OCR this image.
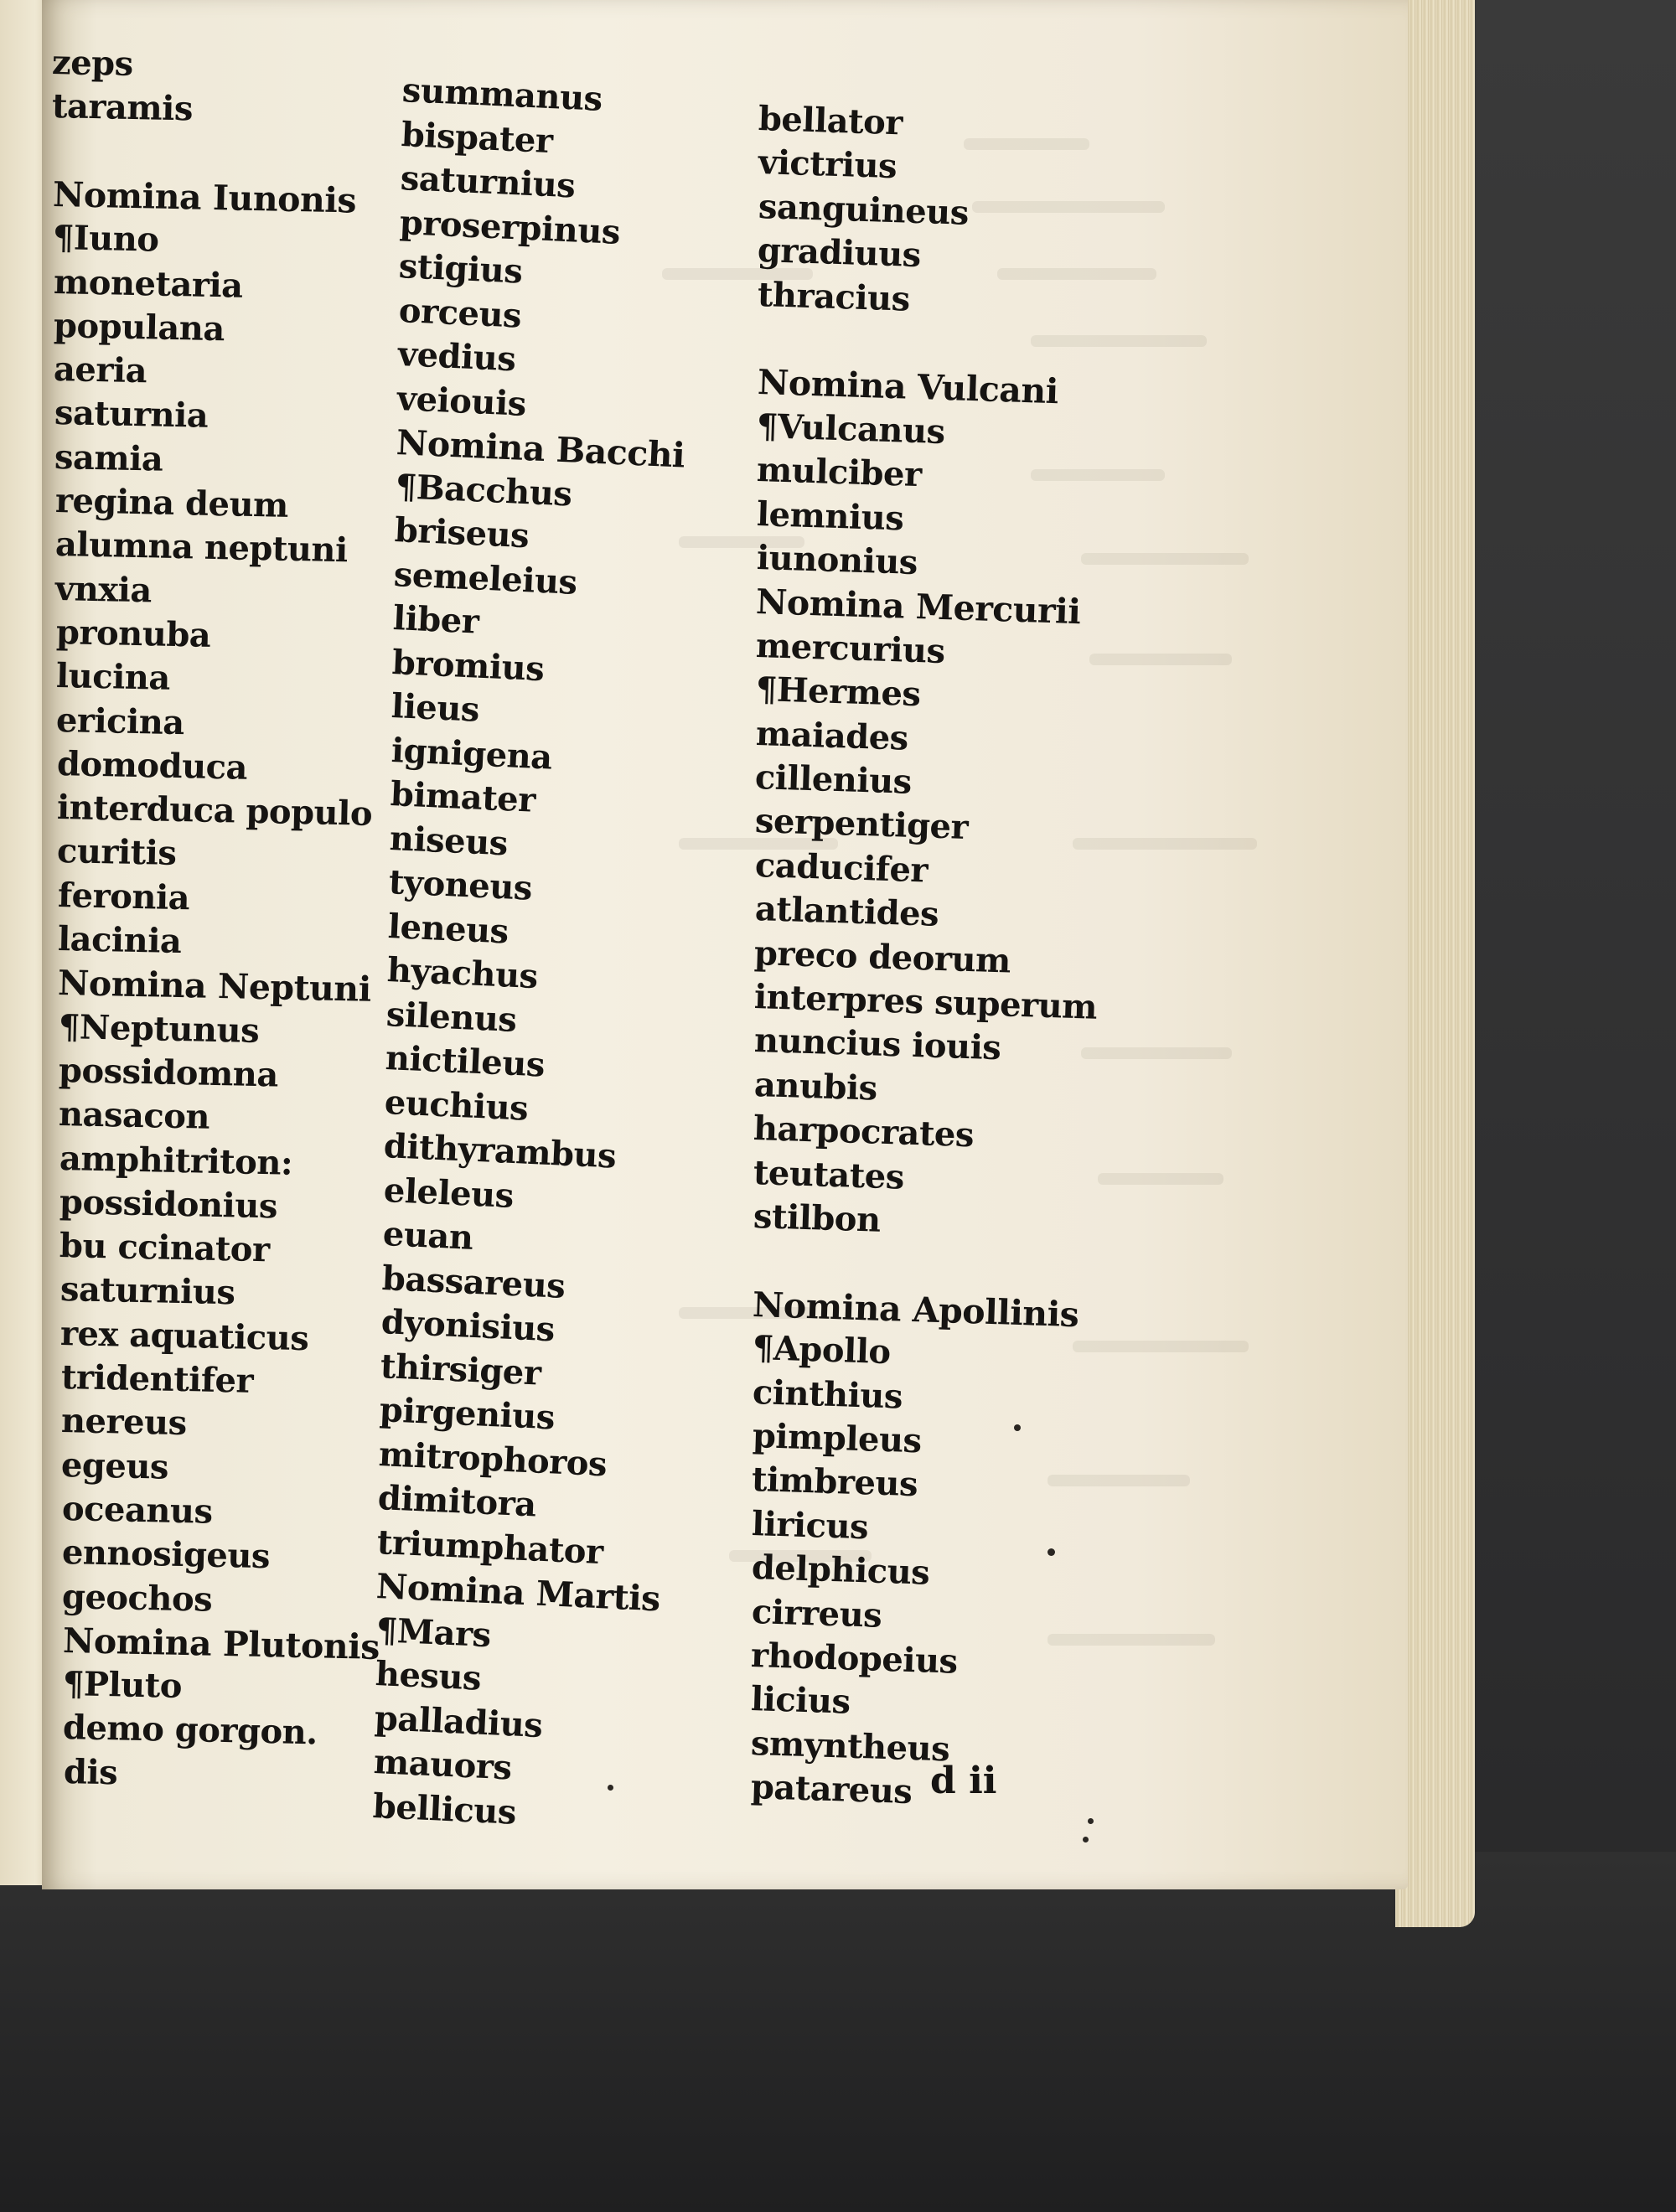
zeps
taramis
Nomina Iunonis
¶Iuno
monetaria
populana
aeria
saturnia
samia
regina deum
alumna neptuni
vnxia
pronuba
lucina
ericina
domoduca
interduca populo
curitis
feronia
lacinia
Nomina Neptuni
¶Neptunus
possidomna
nasacon
amphitriton:
possidonius
bu ccinator
saturnius
rex aquaticus
tridentifer
nereus
egeus
oceanus
ennosigeus
geochos
Nomina Plutonis
¶Pluto
demo gorgon.
dis
summanus
bispater
saturnius
proserpinus
stigius
orceus
vedius
veiouis
Nomina Bacchi
¶Bacchus
briseus
semeleius
liber
bromius
lieus
ignigena
bimater
niseus
tyoneus
leneus
hyachus
silenus
nictileus
euchius
dithyrambus
eleleus
euan
bassareus
dyonisius
thirsiger
pirgenius
mitrophoros
dimitora
triumphator
Nomina Martis
¶Mars
hesus
palladius
mauors
bellicus
bellator
victrius
sanguineus
gradiuus
thracius
Nomina Vulcani
¶Vulcanus
mulciber
lemnius
iunonius
Nomina Mercurii
mercurius
¶Hermes
maiades
cillenius
serpentiger
caducifer
atlantides
preco deorum
interpres superum
nuncius iouis
anubis
harpocrates
teutates
stilbon
Nomina Apollinis
¶Apollo
cinthius
pimpleus
timbreus
liricus
delphicus
cirreus
rhodopeius
licius
smyntheus
patareus d ii
